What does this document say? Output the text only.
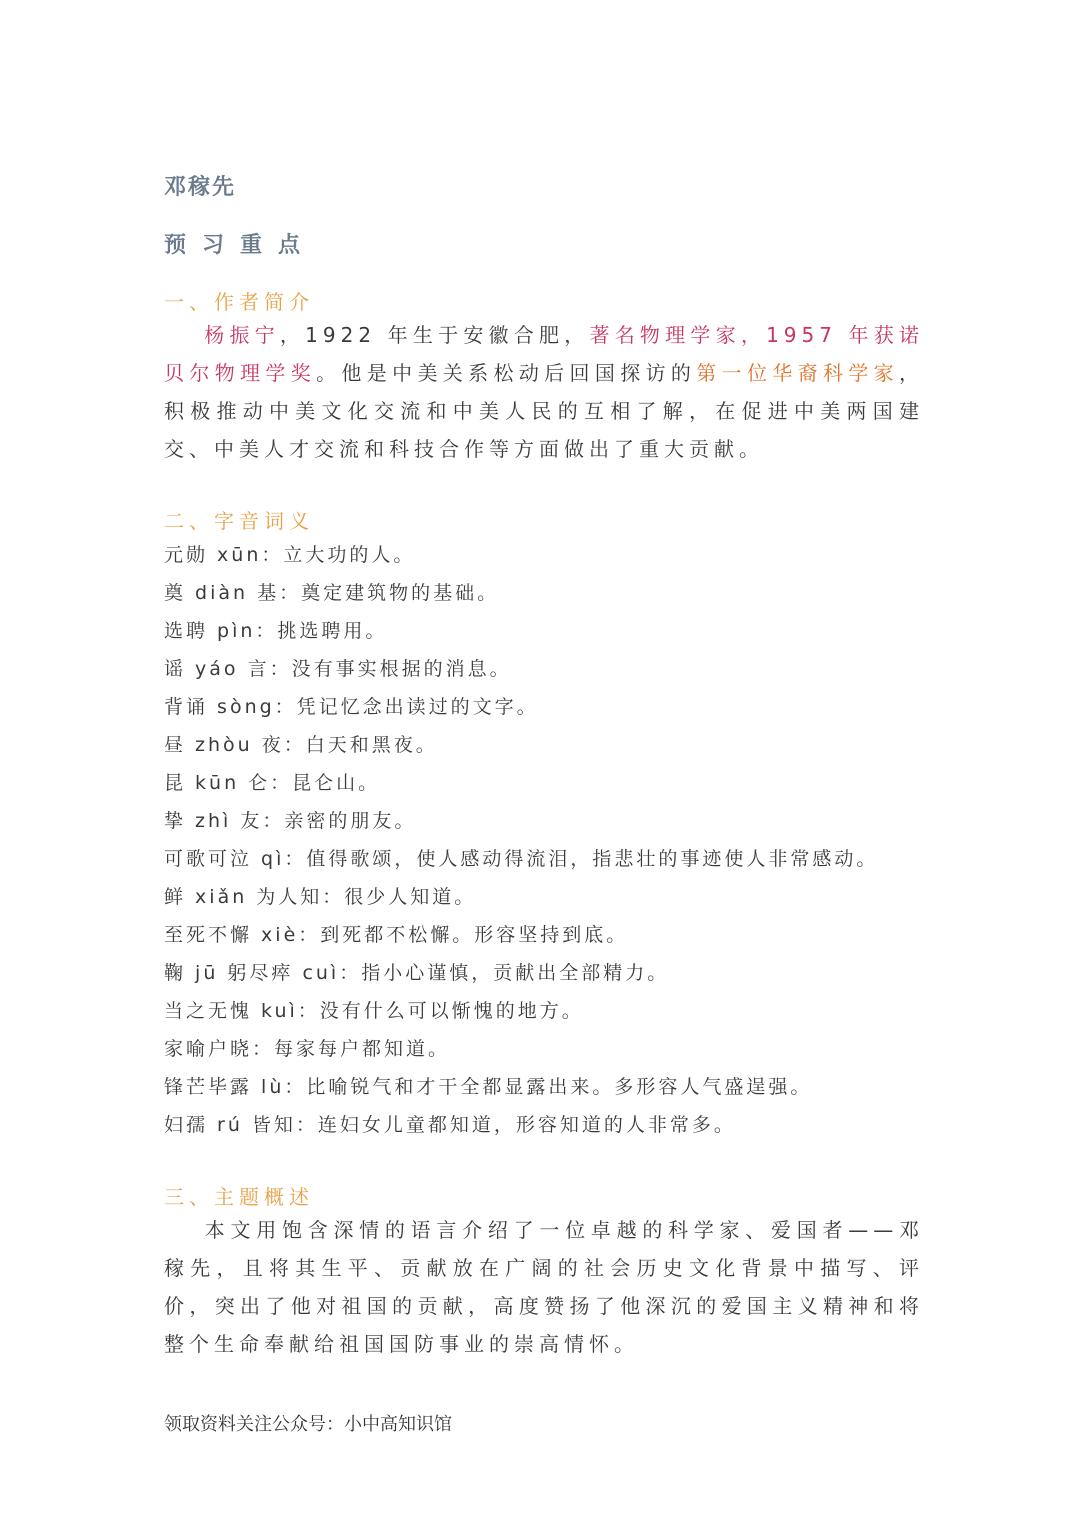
邓稼先
预习重点
一、作者简介
杨振宁，1922 年生于安徽合肥，著名物理学家，1957 年获诺贝尔物理学奖。他是中美关系松动后回国探访的第一位华裔科学家，积极推动中美文化交流和中美人民的互相了解，在促进中美两国建交、中美人才交流和科技合作等方面做出了重大贡献。
二、字音词义
元勋 xūn：立大功的人。
奠 diàn 基：奠定建筑物的基础。
选聘 pìn：挑选聘用。
谣 yáo 言：没有事实根据的消息。
背诵 sòng：凭记忆念出读过的文字。
昼 zhòu 夜：白天和黑夜。
昆 kūn 仑：昆仑山。
挚 zhì 友：亲密的朋友。
可歌可泣 qì：值得歌颂，使人感动得流泪，指悲壮的事迹使人非常感动。
鲜 xiǎn 为人知：很少人知道。
至死不懈 xiè：到死都不松懈。形容坚持到底。
鞠 jū 躬尽瘁 cuì：指小心谨慎，贡献出全部精力。
当之无愧 kuì：没有什么可以惭愧的地方。
家喻户晓：每家每户都知道。
锋芒毕露 lù：比喻锐气和才干全都显露出来。多形容人气盛逞强。
妇孺 rú 皆知：连妇女儿童都知道，形容知道的人非常多。
三、主题概述
本文用饱含深情的语言介绍了一位卓越的科学家、爱国者——邓稼先，且将其生平、贡献放在广阔的社会历史文化背景中描写、评价，突出了他对祖国的贡献，高度赞扬了他深沉的爱国主义精神和将整个生命奉献给祖国国防事业的崇高情怀。
领取资料关注公众号：小中高知识馆
